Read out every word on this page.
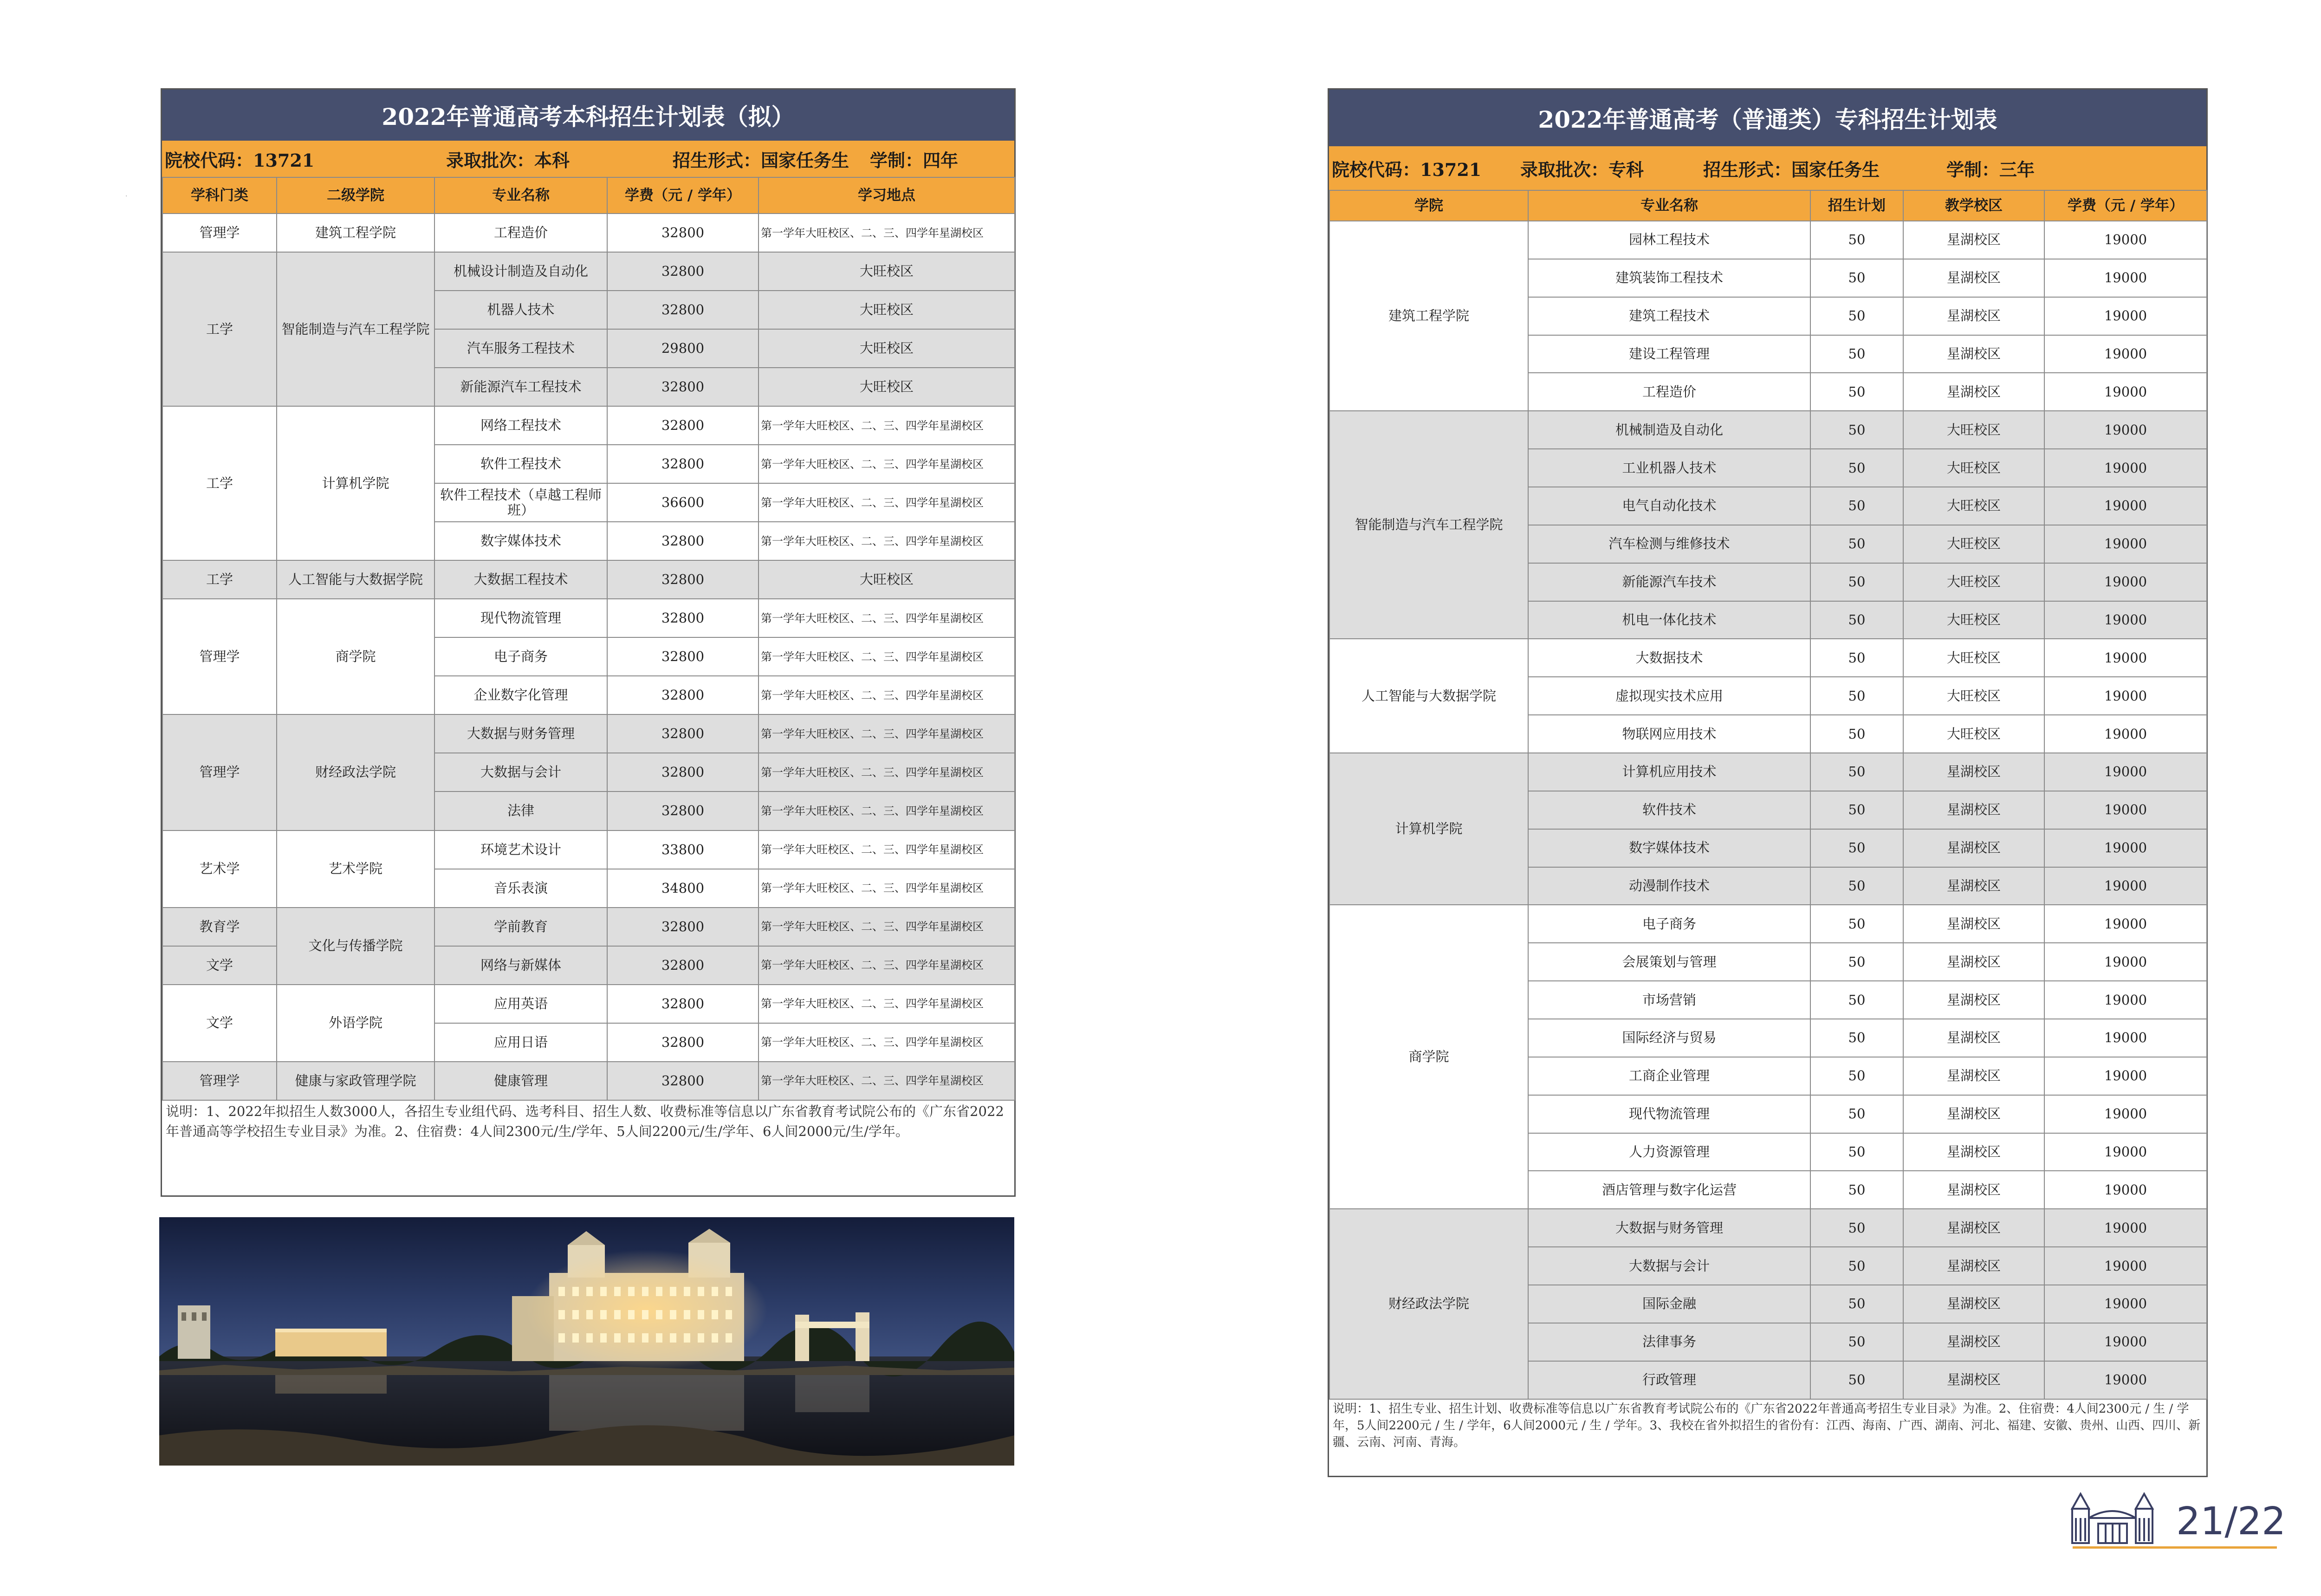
·
2022年普通高考本科招生计划表（拟）
院校代码：13721	录取批次：本科	招生形式：国家任务生 学制：四年
学科门类	二级学院	专业名称	学费（元 / 学年）	学习地点
管理学	建筑工程学院	工程造价	32800	第一学年大旺校区、二、三、四学年星湖校区
工学	智能制造与汽车工程学院	机械设计制造及自动化	32800	大旺校区
		机器人技术	32800	大旺校区
		汽车服务工程技术	29800	大旺校区
		新能源汽车工程技术	32800	大旺校区
工学	计算机学院	网络工程技术	32800	第一学年大旺校区、二、三、四学年星湖校区
		软件工程技术	32800	第一学年大旺校区、二、三、四学年星湖校区
		软件工程技术（卓越工程师班）	36600	第一学年大旺校区、二、三、四学年星湖校区
		数字媒体技术	32800	第一学年大旺校区、二、三、四学年星湖校区
工学	人工智能与大数据学院	大数据工程技术	32800	大旺校区
管理学	商学院	现代物流管理	32800	第一学年大旺校区、二、三、四学年星湖校区
		电子商务	32800	第一学年大旺校区、二、三、四学年星湖校区
		企业数字化管理	32800	第一学年大旺校区、二、三、四学年星湖校区
管理学	财经政法学院	大数据与财务管理	32800	第一学年大旺校区、二、三、四学年星湖校区
		大数据与会计	32800	第一学年大旺校区、二、三、四学年星湖校区
		法律	32800	第一学年大旺校区、二、三、四学年星湖校区
艺术学	艺术学院	环境艺术设计	33800	第一学年大旺校区、二、三、四学年星湖校区
		音乐表演	34800	第一学年大旺校区、二、三、四学年星湖校区
教育学	文化与传播学院	学前教育	32800	第一学年大旺校区、二、三、四学年星湖校区
文学		网络与新媒体	32800	第一学年大旺校区、二、三、四学年星湖校区
文学	外语学院	应用英语	32800	第一学年大旺校区、二、三、四学年星湖校区
		应用日语	32800	第一学年大旺校区、二、三、四学年星湖校区
管理学	健康与家政管理学院	健康管理	32800	第一学年大旺校区、二、三、四学年星湖校区
说明：1、2022年拟招生人数3000人，各招生专业组代码、选考科目、招生人数、收费标准等信息以广东省教育考试院公布的《广东省2022年普通高等学校招生专业目录》为准。2、住宿费：4人间2300元/生/学年、5人间2200元/生/学年、6人间2000元/生/学年。
2022年普通高考（普通类）专科招生计划表
院校代码：13721 录取批次：专科	招生形式：国家任务生	学制：三年
学院	专业名称	招生计划	教学校区	学费（元 / 学年）
建筑工程学院	园林工程技术	50	星湖校区	19000
	建筑装饰工程技术	50	星湖校区	19000
	建筑工程技术	50	星湖校区	19000
	建设工程管理	50	星湖校区	19000
	工程造价	50	星湖校区	19000
智能制造与汽车工程学院	机械制造及自动化	50	大旺校区	19000
	工业机器人技术	50	大旺校区	19000
	电气自动化技术	50	大旺校区	19000
	汽车检测与维修技术	50	大旺校区	19000
	新能源汽车技术	50	大旺校区	19000
	机电一体化技术	50	大旺校区	19000
人工智能与大数据学院	大数据技术	50	大旺校区	19000
	虚拟现实技术应用	50	大旺校区	19000
	物联网应用技术	50	大旺校区	19000
计算机学院	计算机应用技术	50	星湖校区	19000
	软件技术	50	星湖校区	19000
	数字媒体技术	50	星湖校区	19000
	动漫制作技术	50	星湖校区	19000
商学院	电子商务	50	星湖校区	19000
	会展策划与管理	50	星湖校区	19000
	市场营销	50	星湖校区	19000
	国际经济与贸易	50	星湖校区	19000
	工商企业管理	50	星湖校区	19000
	现代物流管理	50	星湖校区	19000
	人力资源管理	50	星湖校区	19000
	酒店管理与数字化运营	50	星湖校区	19000
财经政法学院	大数据与财务管理	50	星湖校区	19000
	大数据与会计	50	星湖校区	19000
	国际金融	50	星湖校区	19000
	法律事务	50	星湖校区	19000
	行政管理	50	星湖校区	19000
说明：1、招生专业、招生计划、收费标准等信息以广东省教育考试院公布的《广东省2022年普通高考招生专业目录》为准。2、住宿费：4人间2300元 / 生 / 学年，5人间2200元 / 生 / 学年，6人间2000元 / 生 / 学年。3、我校在省外拟招生的省份有：江西、海南、广西、湖南、河北、福建、安徽、贵州、山西、四川、新疆、云南、河南、青海。
21/22
